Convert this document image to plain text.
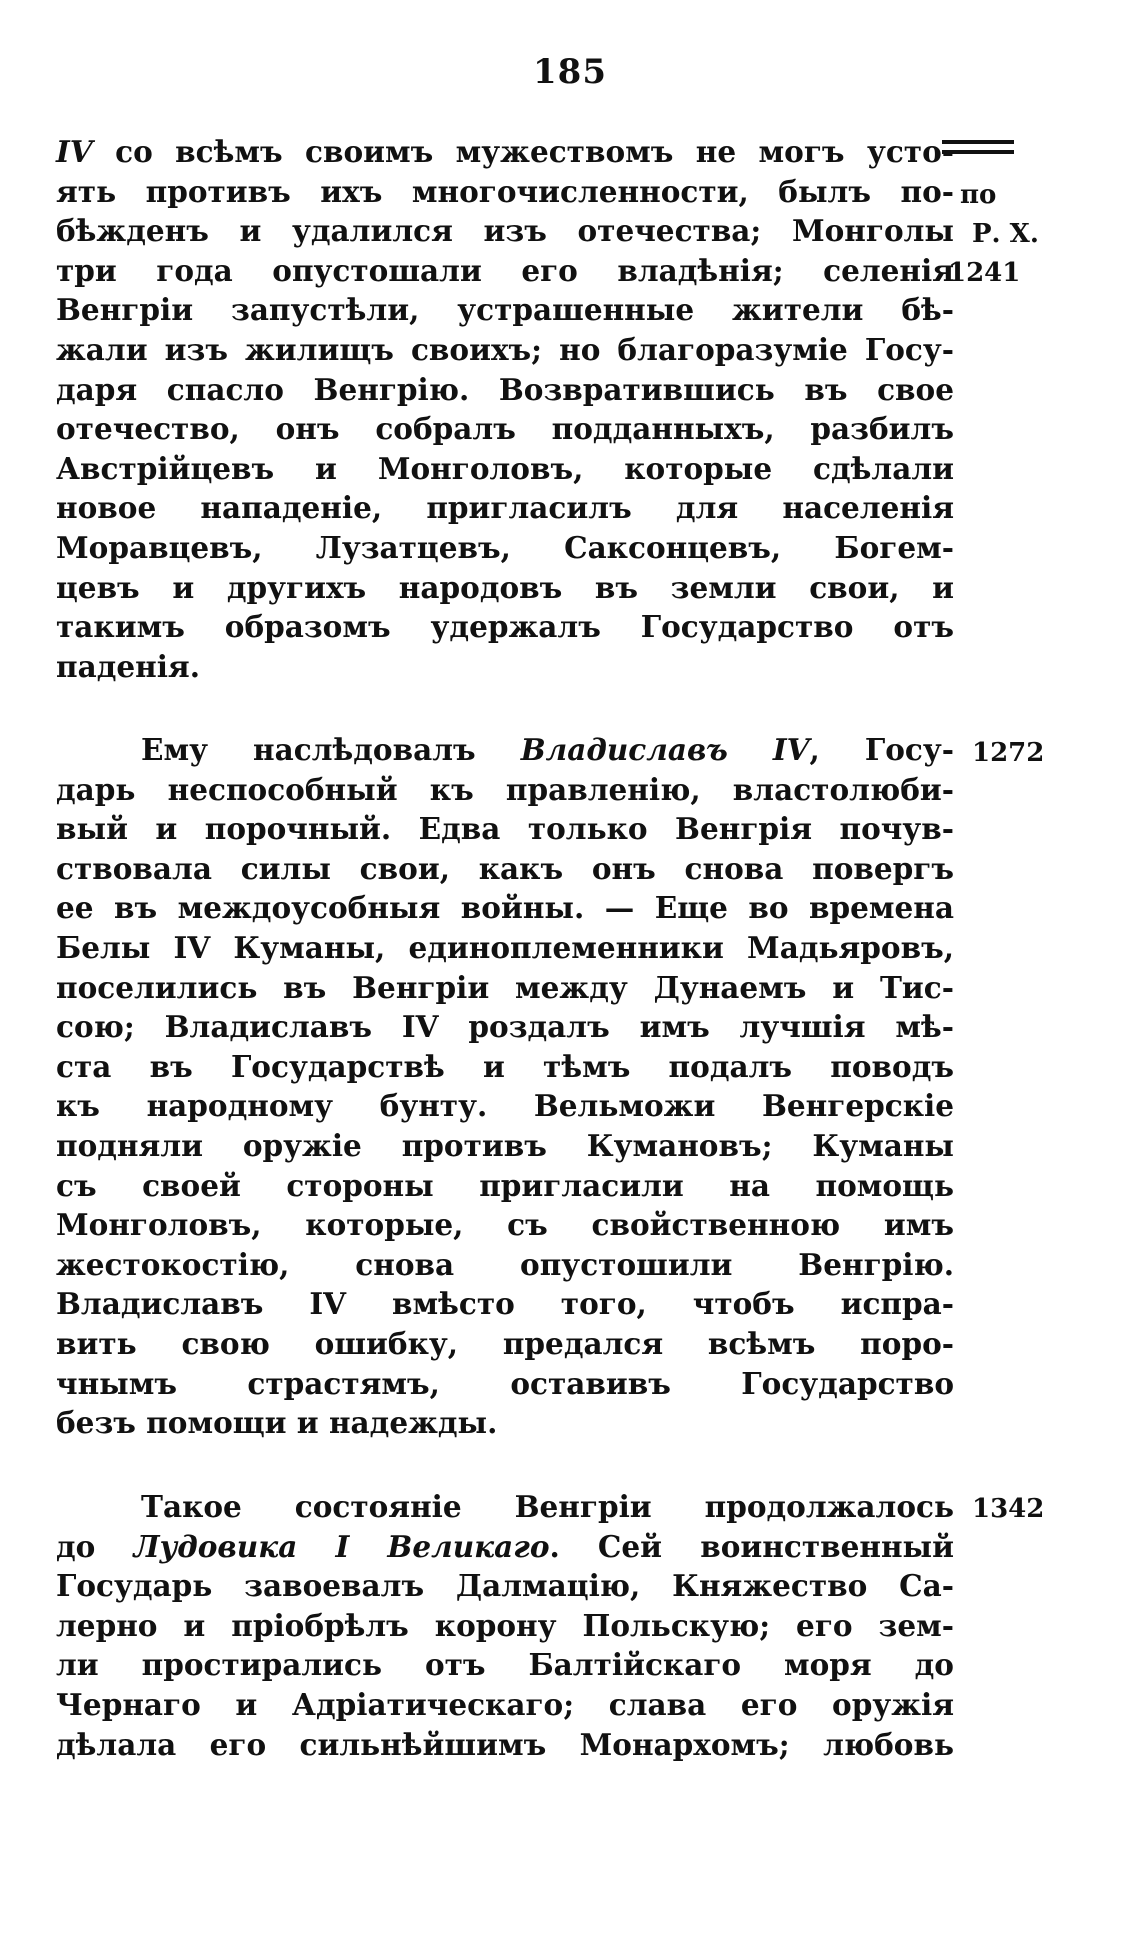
185
IV со всѣмъ своимъ мужествомъ не могъ усто-
ять противъ ихъ многочисленности, былъ по-
бѣжденъ и удалился изъ отечества; Монголы
три года опустошали его владѣнія; селенія
Венгріи запустѣли, устрашенные жители бѣ-
жали изъ жилищъ своихъ; но благоразуміе Госу-
даря спасло Венгрію. Возвратившись въ свое
отечество, онъ собралъ подданныхъ, разбилъ
Австрійцевъ и Монголовъ, которые сдѣлали
новое нападеніе, пригласилъ для населенія
Моравцевъ, Лузатцевъ, Саксонцевъ, Богем-
цевъ и другихъ народовъ въ земли свои, и
такимъ образомъ удержалъ Государство отъ
паденія.
Ему наслѣдовалъ Владиславъ IV, Госу-
дарь неспособный къ правленію, властолюби-
вый и порочный. Едва только Венгрія почув-
ствовала силы свои, какъ онъ снова повергъ
ее въ междоусобныя войны. — Еще во времена
Белы IV Куманы, единоплеменники Мадьяровъ,
поселились въ Венгріи между Дунаемъ и Тис-
сою; Владиславъ IV роздалъ имъ лучшія мѣ-
ста въ Государствѣ и тѣмъ подалъ поводъ
къ народному бунту. Вельможи Венгерскіе
подняли оружіе противъ Кумановъ; Куманы
съ своей стороны пригласили на помощь
Монголовъ, которые, съ свойственною имъ
жестокостію, снова опустошили Венгрію.
Владиславъ IV вмѣсто того, чтобъ испра-
вить свою ошибку, предался всѣмъ поро-
чнымъ страстямъ, оставивъ Государство
безъ помощи и надежды.
Такое состояніе Венгріи продолжалось
до Лудовика I Великаго. Сей воинственный
Государь завоевалъ Далмацію, Княжество Са-
лерно и пріобрѣлъ корону Польскую; его зем-
ли простирались отъ Балтійскаго моря до
Чернаго и Адріатическаго; слава его оружія
дѣлала его сильнѣйшимъ Монархомъ; любовь
по
Р. Х.
1241
1272
1342
